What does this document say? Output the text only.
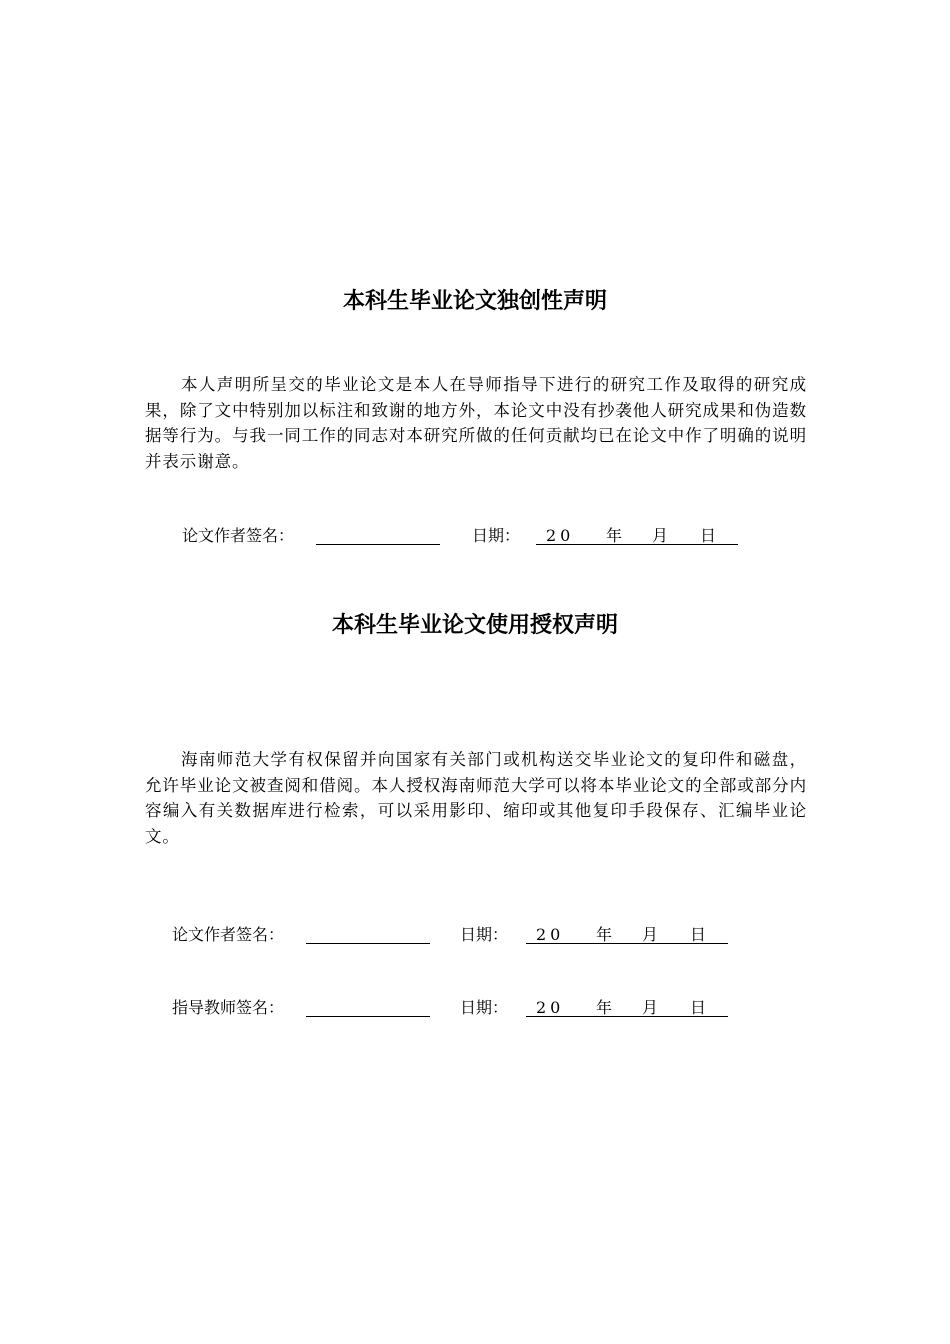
本科生毕业论文独创性声明
本人声明所呈交的毕业论文是本人在导师指导下进行的研究工作及取得的研究成果，除了文中特别加以标注和致谢的地方外，本论文中没有抄袭他人研究成果和伪造数据等行为。与我一同工作的同志对本研究所做的任何贡献均已在论文中作了明确的说明并表示谢意。
论文作者签名：	日期： 20 年 月 日
本科生毕业论文使用授权声明
海南师范大学有权保留并向国家有关部门或机构送交毕业论文的复印件和磁盘，允许毕业论文被查阅和借阅。本人授权海南师范大学可以将本毕业论文的全部或部分内容编入有关数据库进行检索，可以采用影印、缩印或其他复印手段保存、汇编毕业论文。
论文作者签名：	日期： 20 年 月 日
指导教师签名：	日期： 20 年 月 日
